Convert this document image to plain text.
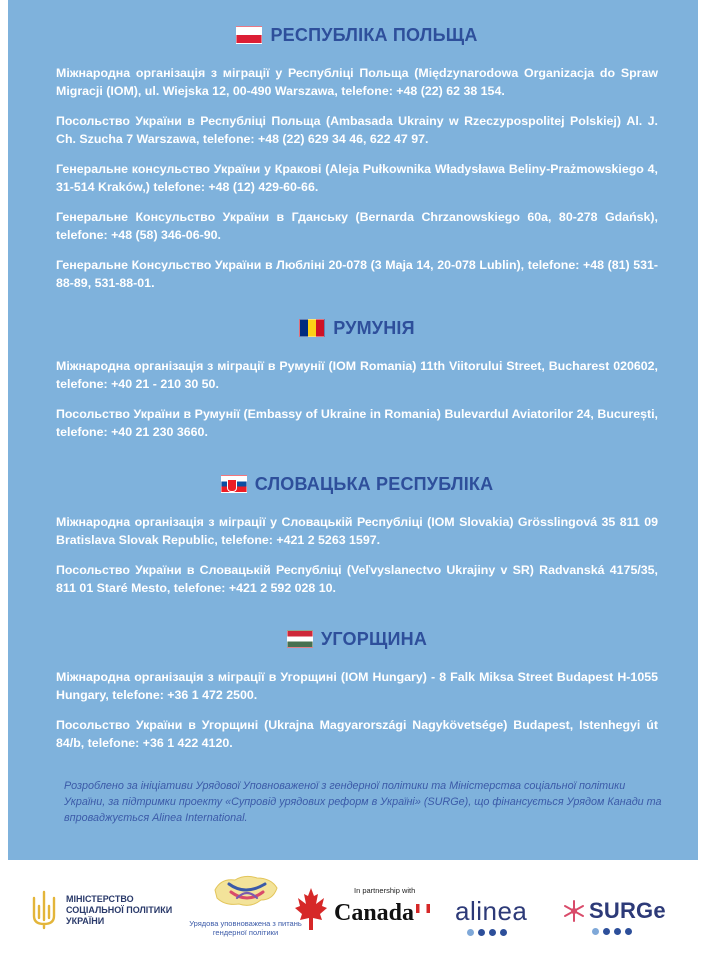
РЕСПУБЛІКА ПОЛЬЩА

Міжнародна організація з міграції у Республіці Польща (Międzynarodowa Organizacja do Spraw Migracji (IOM), ul. Wiejska 12, 00-490 Warszawa, telefone: +48 (22) 62 38 154.

Посольство України в Республіці Польща (Ambasada Ukrainy w Rzeczypospolitej Polskiej) Al. J. Ch. Szucha 7 Warszawa, telefone: +48 (22) 629 34 46, 622 47 97.

Генеральне консульство України у Кракові (Aleja Pułkownika Władysława Beliny-Prażmowskiego 4, 31-514 Kraków,) telefone: +48 (12) 429-60-66.

Генеральне Консульство України в Гданську (Bernarda Chrzanowskiego 60a, 80-278 Gdańsk), telefone: +48 (58) 346-06-90.

Генеральне Консульство України в Любліні 20-078 (3 Maja 14, 20-078 Lublin), telefone: +48 (81) 531-88-89, 531-88-01.

РУМУНІЯ

Міжнародна організація з міграції в Румунії (IOM Romania) 11th Viitorului Street, Bucharest 020602, telefone: +40 21 - 210 30 50.

Посольство України в Румунії (Embassy of Ukraine in Romania) Bulevardul Aviatorilor 24, București, telefone: +40 21 230 3660.

СЛОВАЦЬКА РЕСПУБЛІКА

Міжнародна організація з міграції у Словацькій Республіці (IOM Slovakia) Grösslingová 35 811 09 Bratislava Slovak Republic, telefone: +421 2 5263 1597.

Посольство України в Словацькій Республіці (Veľvyslanectvo Ukrajiny v SR) Radvanská 4175/35, 811 01 Staré Mesto, telefone: +421 2 592 028 10.

УГОРЩИНА

Міжнародна організація з міграції в Угорщині (IOM Hungary) - 8 Falk Miksa Street Budapest H-1055 Hungary, telefone: +36 1 472 2500.

Посольство України в Угорщині (Ukrajna Magyarországi Nagykövetsége) Budapest, Istenhegyi út 84/b, telefone: +36 1 422 4120.

Розроблено за ініціативи Урядової Уповноваженої з гендерної політики та Міністерства соціальної політики України, за підтримки проекту «Супровід урядових реформ в Україні» (SURGe), що фінансується Урядом Канади та впроваджується Alinea International.

МІНІСТЕРСТВО СОЦІАЛЬНОЇ ПОЛІТИКИ УКРАЇНИ	Урядова уповноважена з питань гендерної політики
In partnership with
Canada alinea	SURGe
